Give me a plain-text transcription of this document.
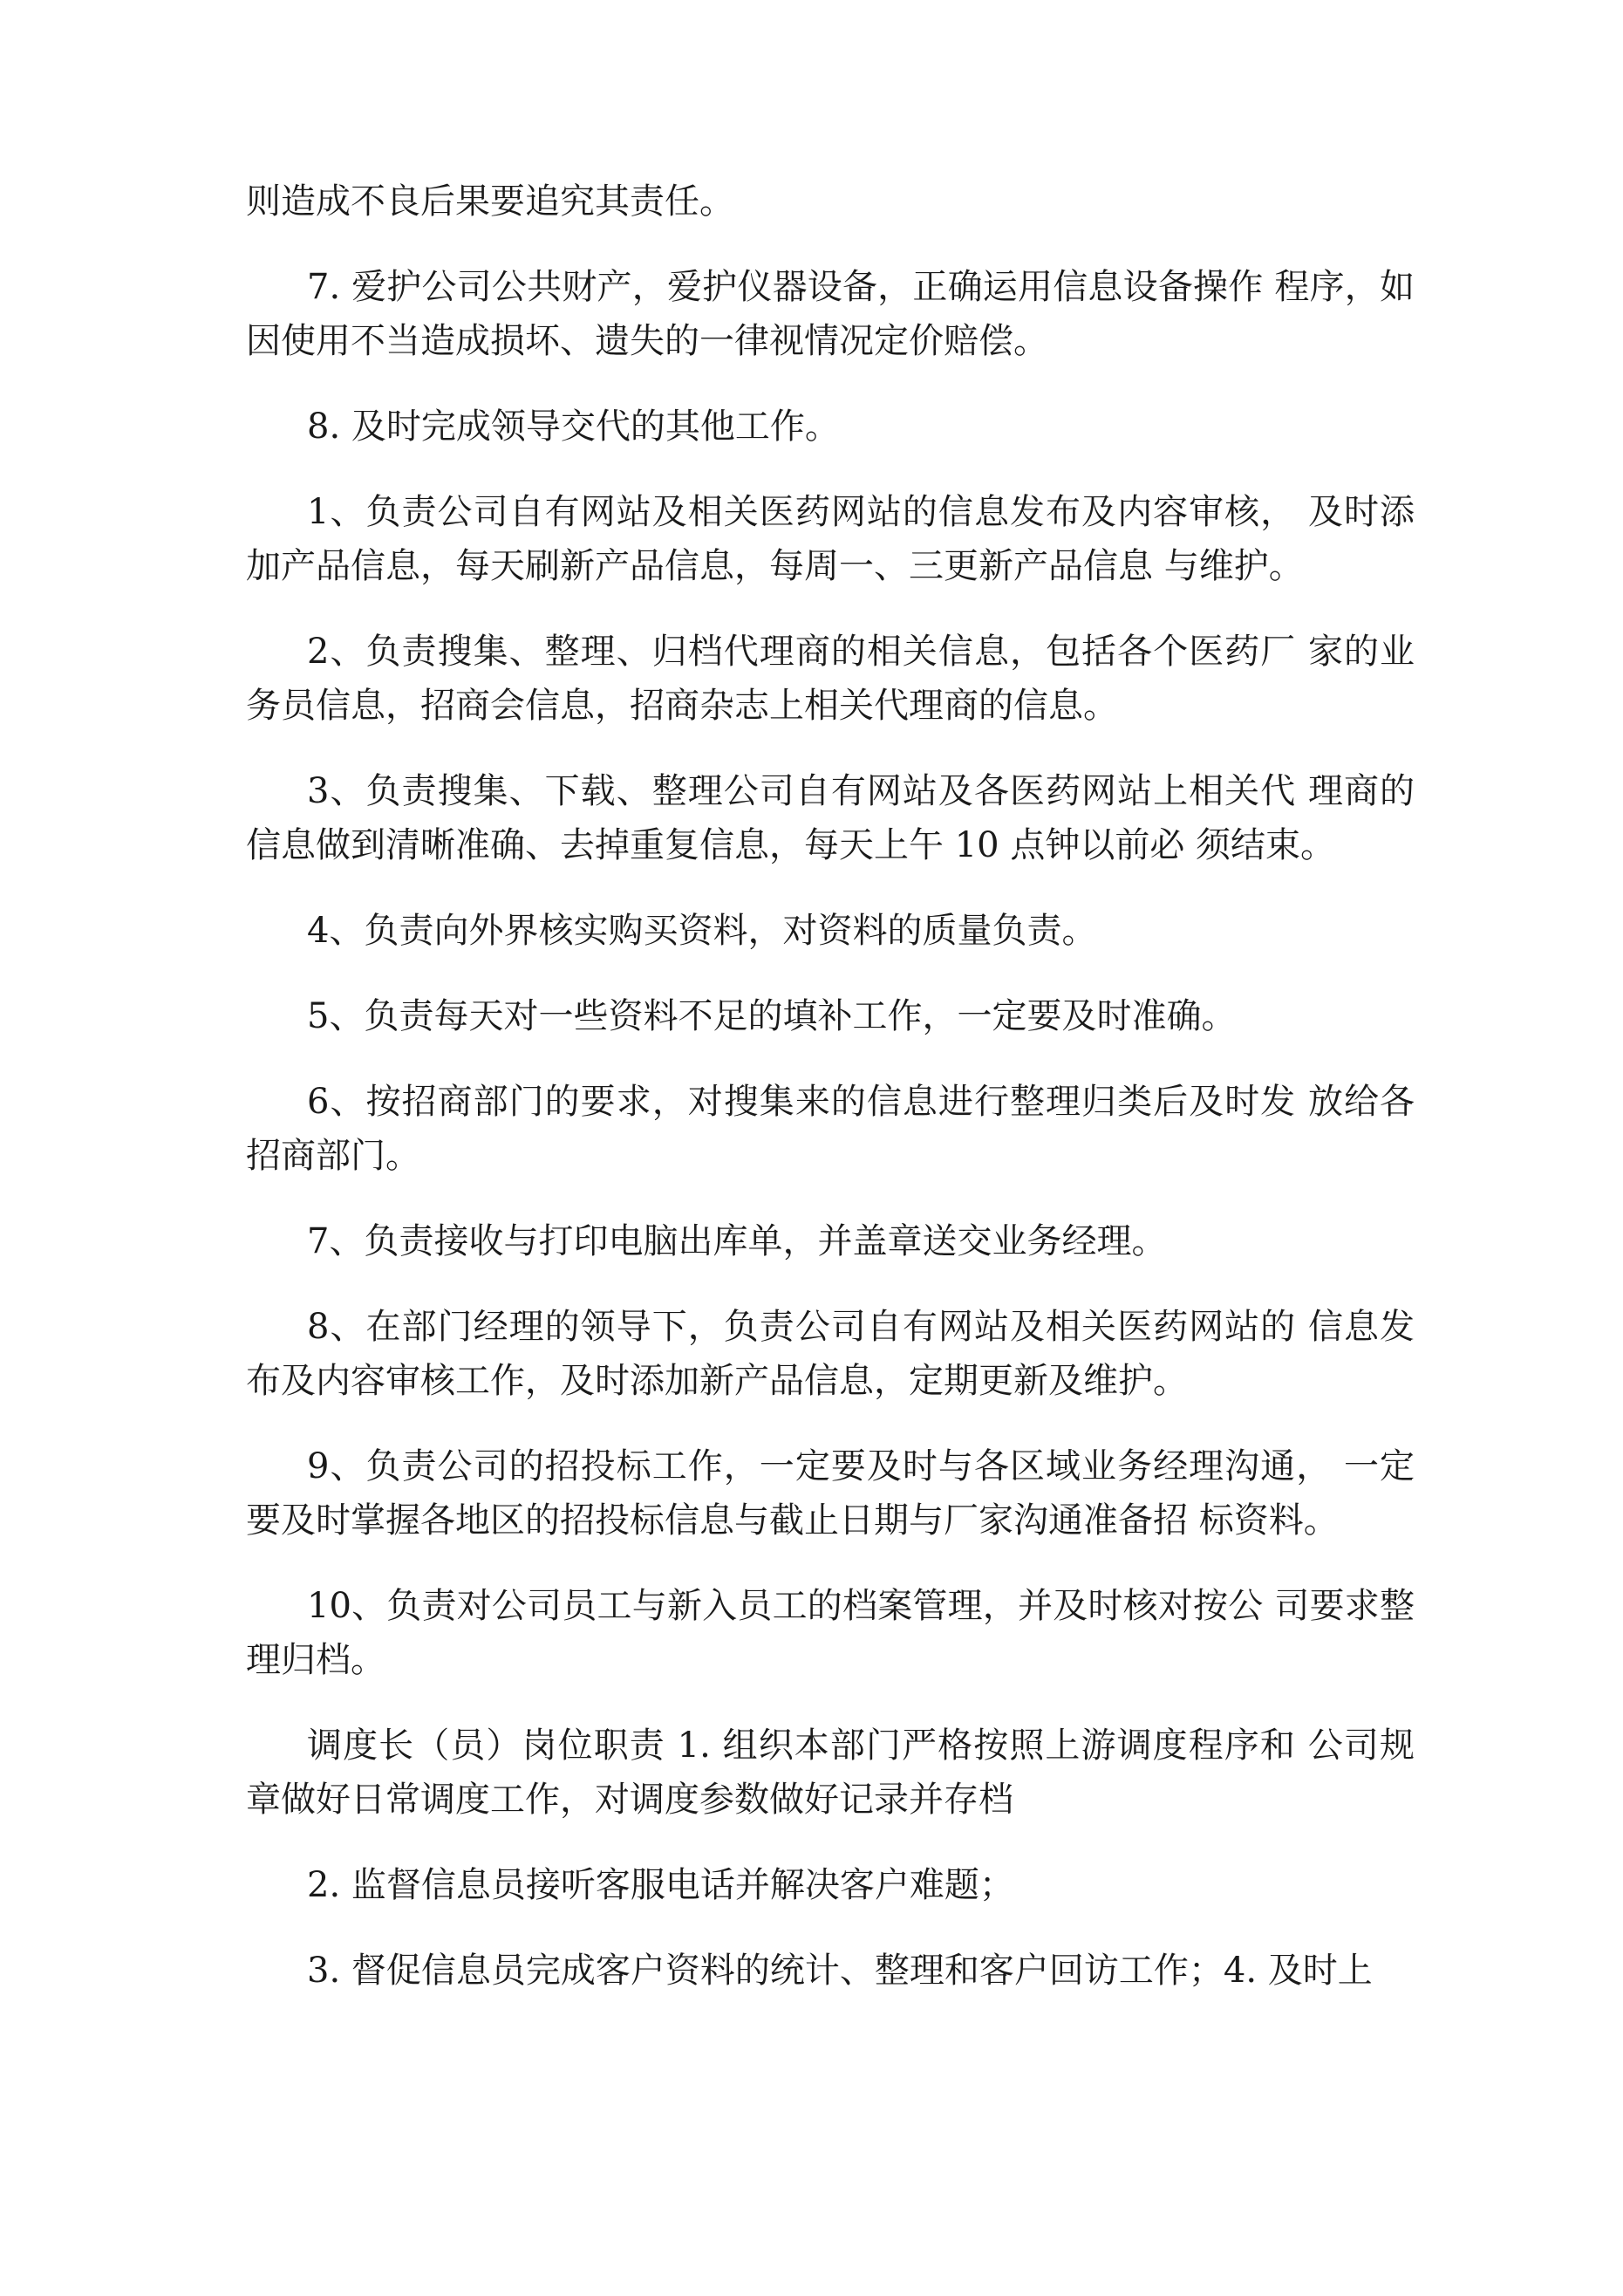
则造成不良后果要追究其责任。

7. 爱护公司公共财产，爱护仪器设备，正确运用信息设备操作 程序，如因使用不当造成损坏、遗失的一律视情况定价赔偿。

8. 及时完成领导交代的其他工作。

1、负责公司自有网站及相关医药网站的信息发布及内容审核， 及时添加产品信息，每天刷新产品信息，每周一、三更新产品信息 与维护。

2、负责搜集、整理、归档代理商的相关信息，包括各个医药厂 家的业务员信息，招商会信息，招商杂志上相关代理商的信息。

3、负责搜集、下载、整理公司自有网站及各医药网站上相关代 理商的信息做到清晰准确、去掉重复信息，每天上午 10 点钟以前必 须结束。

4、负责向外界核实购买资料，对资料的质量负责。

5、负责每天对一些资料不足的填补工作，一定要及时准确。

6、按招商部门的要求，对搜集来的信息进行整理归类后及时发 放给各招商部门。

7、负责接收与打印电脑出库单，并盖章送交业务经理。

8、在部门经理的领导下，负责公司自有网站及相关医药网站的 信息发布及内容审核工作，及时添加新产品信息，定期更新及维护。

9、负责公司的招投标工作，一定要及时与各区域业务经理沟通， 一定要及时掌握各地区的招投标信息与截止日期与厂家沟通准备招 标资料。

10、负责对公司员工与新入员工的档案管理，并及时核对按公 司要求整理归档。

调度长（员）岗位职责 1. 组织本部门严格按照上游调度程序和 公司规章做好日常调度工作，对调度参数做好记录并存档

2. 监督信息员接听客服电话并解决客户难题；

3. 督促信息员完成客户资料的统计、整理和客户回访工作；4. 及时上
